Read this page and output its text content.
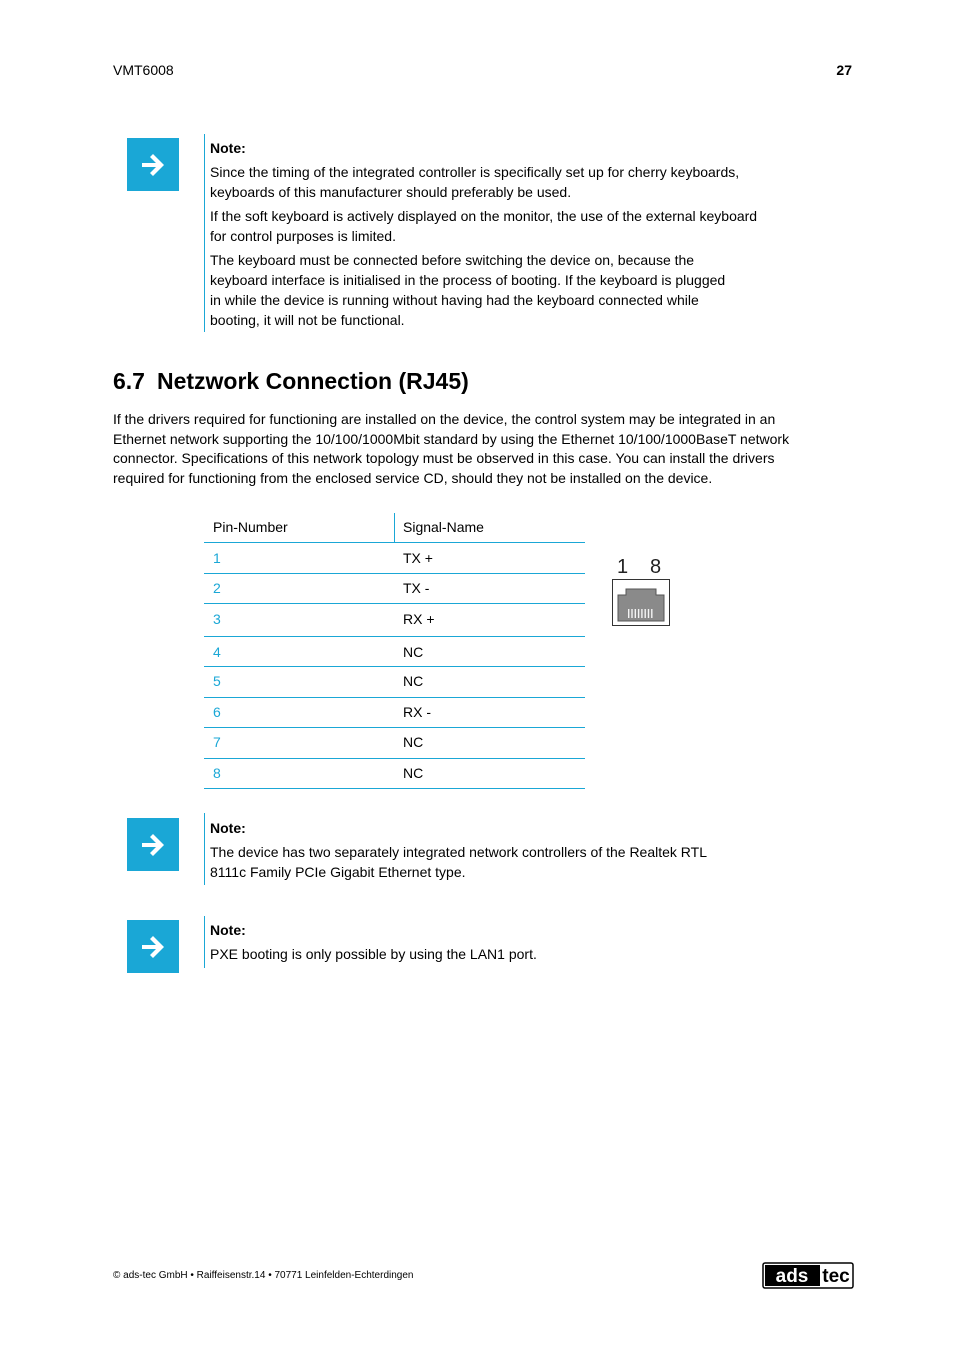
VMT6008	27
Note:

Since the timing of the integrated controller is specifically set up for cherry keyboards,
keyboards of this manufacturer should preferably be used.

If the soft keyboard is actively displayed on the monitor, the use of the external keyboard
for control purposes is limited.

The keyboard must be connected before switching the device on, because the
keyboard interface is initialised in the process of booting. If the keyboard is plugged
in while the device is running without having had the keyboard connected while
booting, it will not be functional.

6.7 Netzwork Connection (RJ45)
If the drivers required for functioning are installed on the device, the control system may be integrated in an
Ethernet network supporting the 10/100/1000Mbit standard by using the Ethernet 10/100/1000BaseT network
connector. Specifications of this network topology must be observed in this case. You can install the drivers
required for functioning from the enclosed service CD, should they not be installed on the device.
Pin-Number	Signal-Name
1	TX +
2	TX -
3	RX +
4	NC
5	NC
6	RX -
7	NC
8	NC
1 8
Note:

The device has two separately integrated network controllers of the Realtek RTL
8111c Family PCIe Gigabit Ethernet type.

Note:

PXE booting is only possible by using the LAN1 port.

© ads-tec GmbH • Raiffeisenstr.14 • 70771 Leinfelden-Echterdingen	ads tec
